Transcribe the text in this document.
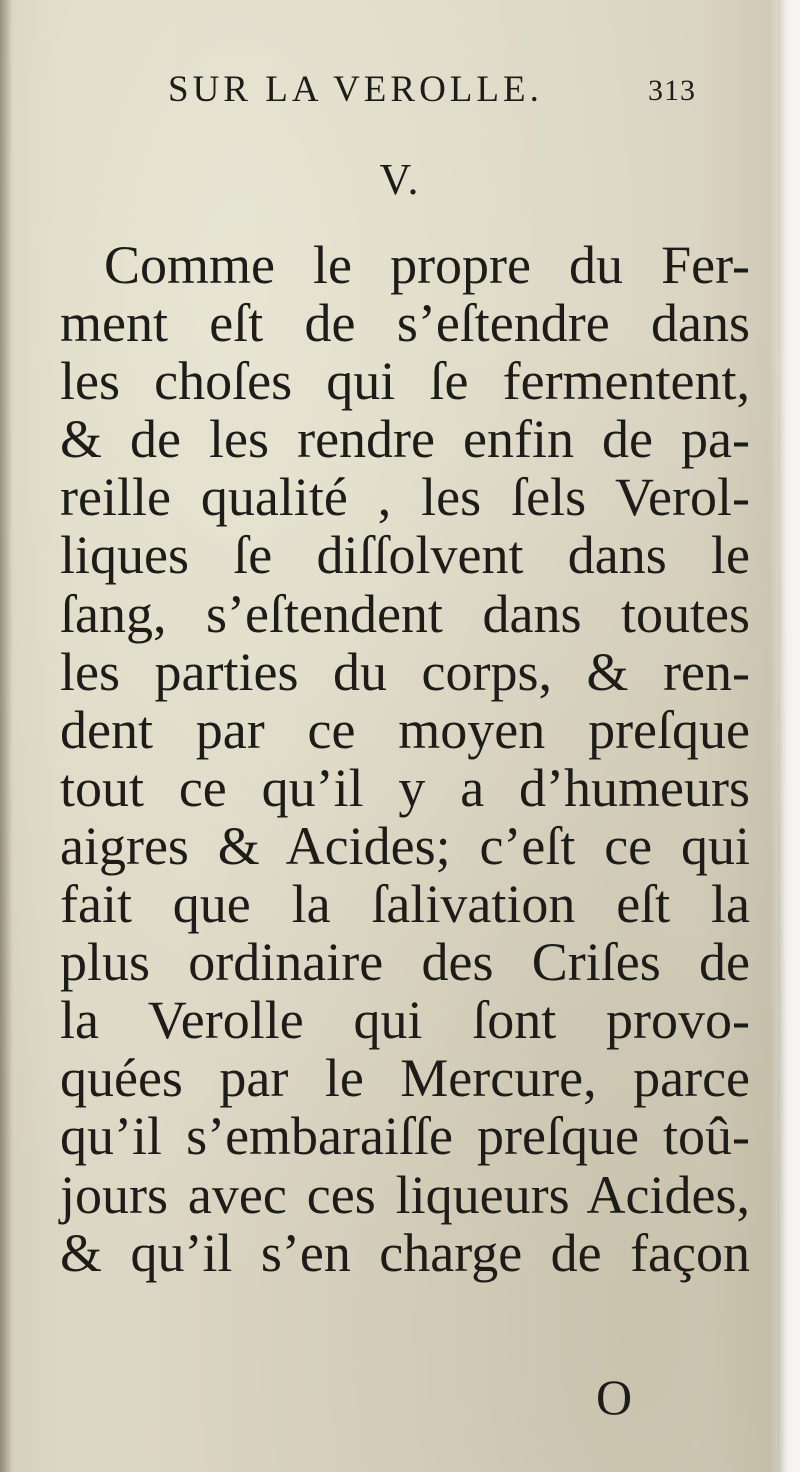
SUR LA VEROLLE.	313
V.
Comme le propre du Fer-
ment eſt de s’eſtendre dans
les choſes qui ſe fermentent,
& de les rendre enfin de pa-
reille qualité , les ſels Verol-
liques ſe diſſolvent dans le
ſang, s’eſtendent dans toutes
les parties du corps, & ren-
dent par ce moyen preſque
tout ce qu’il y a d’humeurs
aigres & Acides; c’eſt ce qui
fait que la ſalivation eſt la
plus ordinaire des Criſes de
la Verolle qui ſont provo-
quées par le Mercure, parce
qu’il s’embaraiſſe preſque toû-
jours avec ces liqueurs Acides,
& qu’il s’en charge de façon
O
